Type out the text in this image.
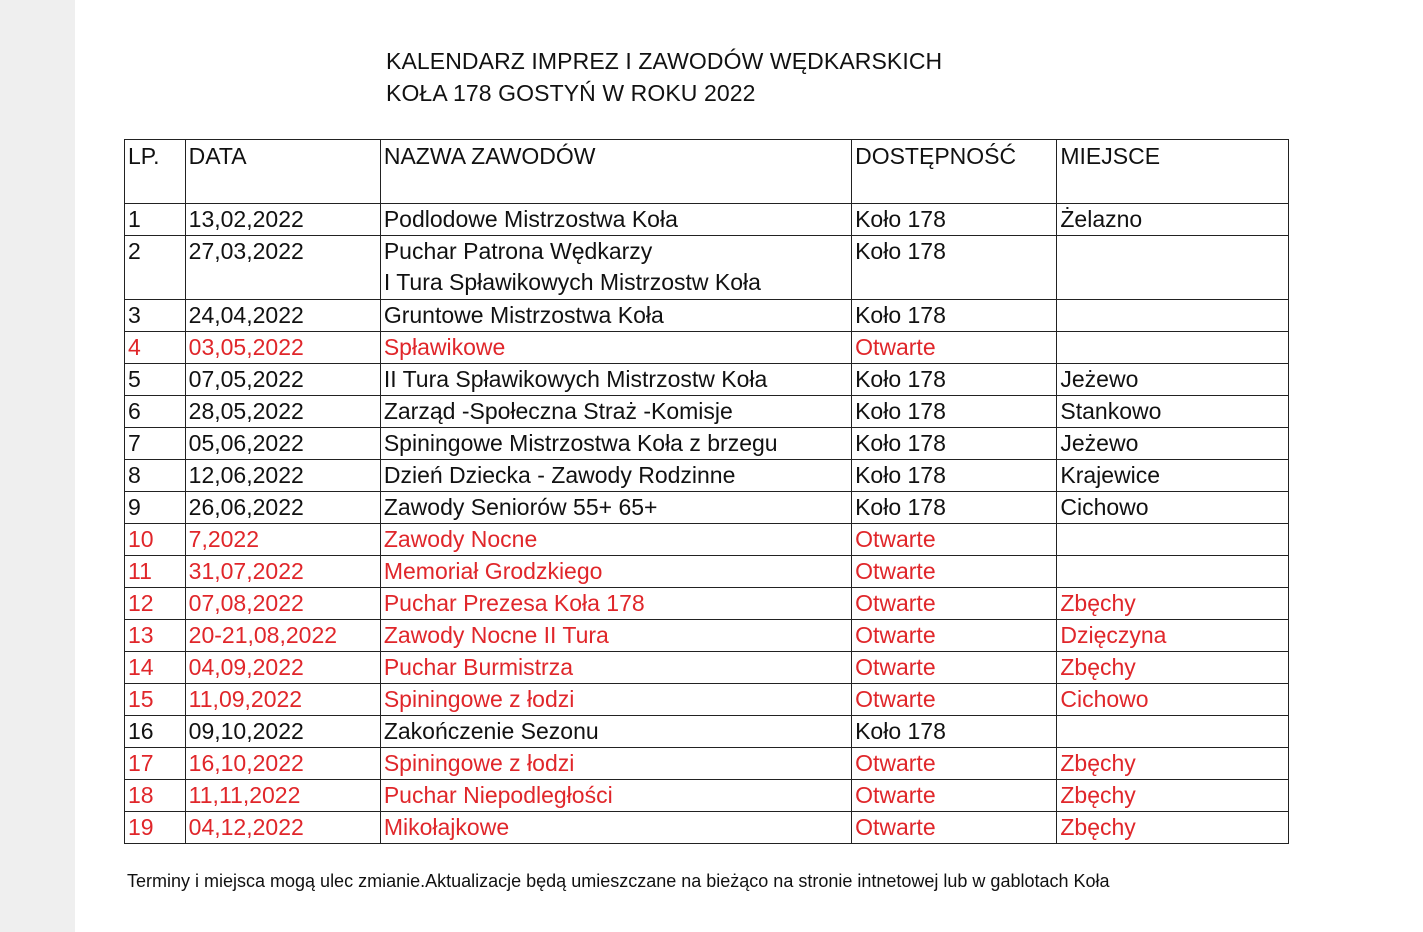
KALENDARZ IMPREZ I ZAWODÓW WĘDKARSKICH
KOŁA 178 GOSTYŃ W ROKU 2022
LP.	DATA	NAZWA ZAWODÓW	DOSTĘPNOŚĆ	MIEJSCE
1	13,02,2022	Podlodowe Mistrzostwa Koła	Koło 178	Żelazno
2	27,03,2022	Puchar Patrona Wędkarzy
I Tura Spławikowych Mistrzostw Koła	Koło 178	
3	24,04,2022	Gruntowe Mistrzostwa Koła	Koło 178	
4	03,05,2022	Spławikowe	Otwarte	
5	07,05,2022	II Tura Spławikowych Mistrzostw Koła	Koło 178	Jeżewo
6	28,05,2022	Zarząd -Społeczna Straż -Komisje	Koło 178	Stankowo
7	05,06,2022	Spiningowe Mistrzostwa Koła z brzegu	Koło 178	Jeżewo
8	12,06,2022	Dzień Dziecka - Zawody Rodzinne	Koło 178	Krajewice
9	26,06,2022	Zawody Seniorów 55+ 65+	Koło 178	Cichowo
10	7,2022	Zawody Nocne	Otwarte	
11	31,07,2022	Memoriał Grodzkiego	Otwarte	
12	07,08,2022	Puchar Prezesa Koła 178	Otwarte	Zbęchy
13	20-21,08,2022	Zawody Nocne II Tura	Otwarte	Dzięczyna
14	04,09,2022	Puchar Burmistrza	Otwarte	Zbęchy
15	11,09,2022	Spiningowe z łodzi	Otwarte	Cichowo
16	09,10,2022	Zakończenie Sezonu	Koło 178	
17	16,10,2022	Spiningowe z łodzi	Otwarte	Zbęchy
18	11,11,2022	Puchar Niepodległości	Otwarte	Zbęchy
19	04,12,2022	Mikołajkowe	Otwarte	Zbęchy
Terminy i miejsca mogą ulec zmianie.Aktualizacje będą umieszczane na bieżąco na stronie intnetowej lub w gablotach Koła
